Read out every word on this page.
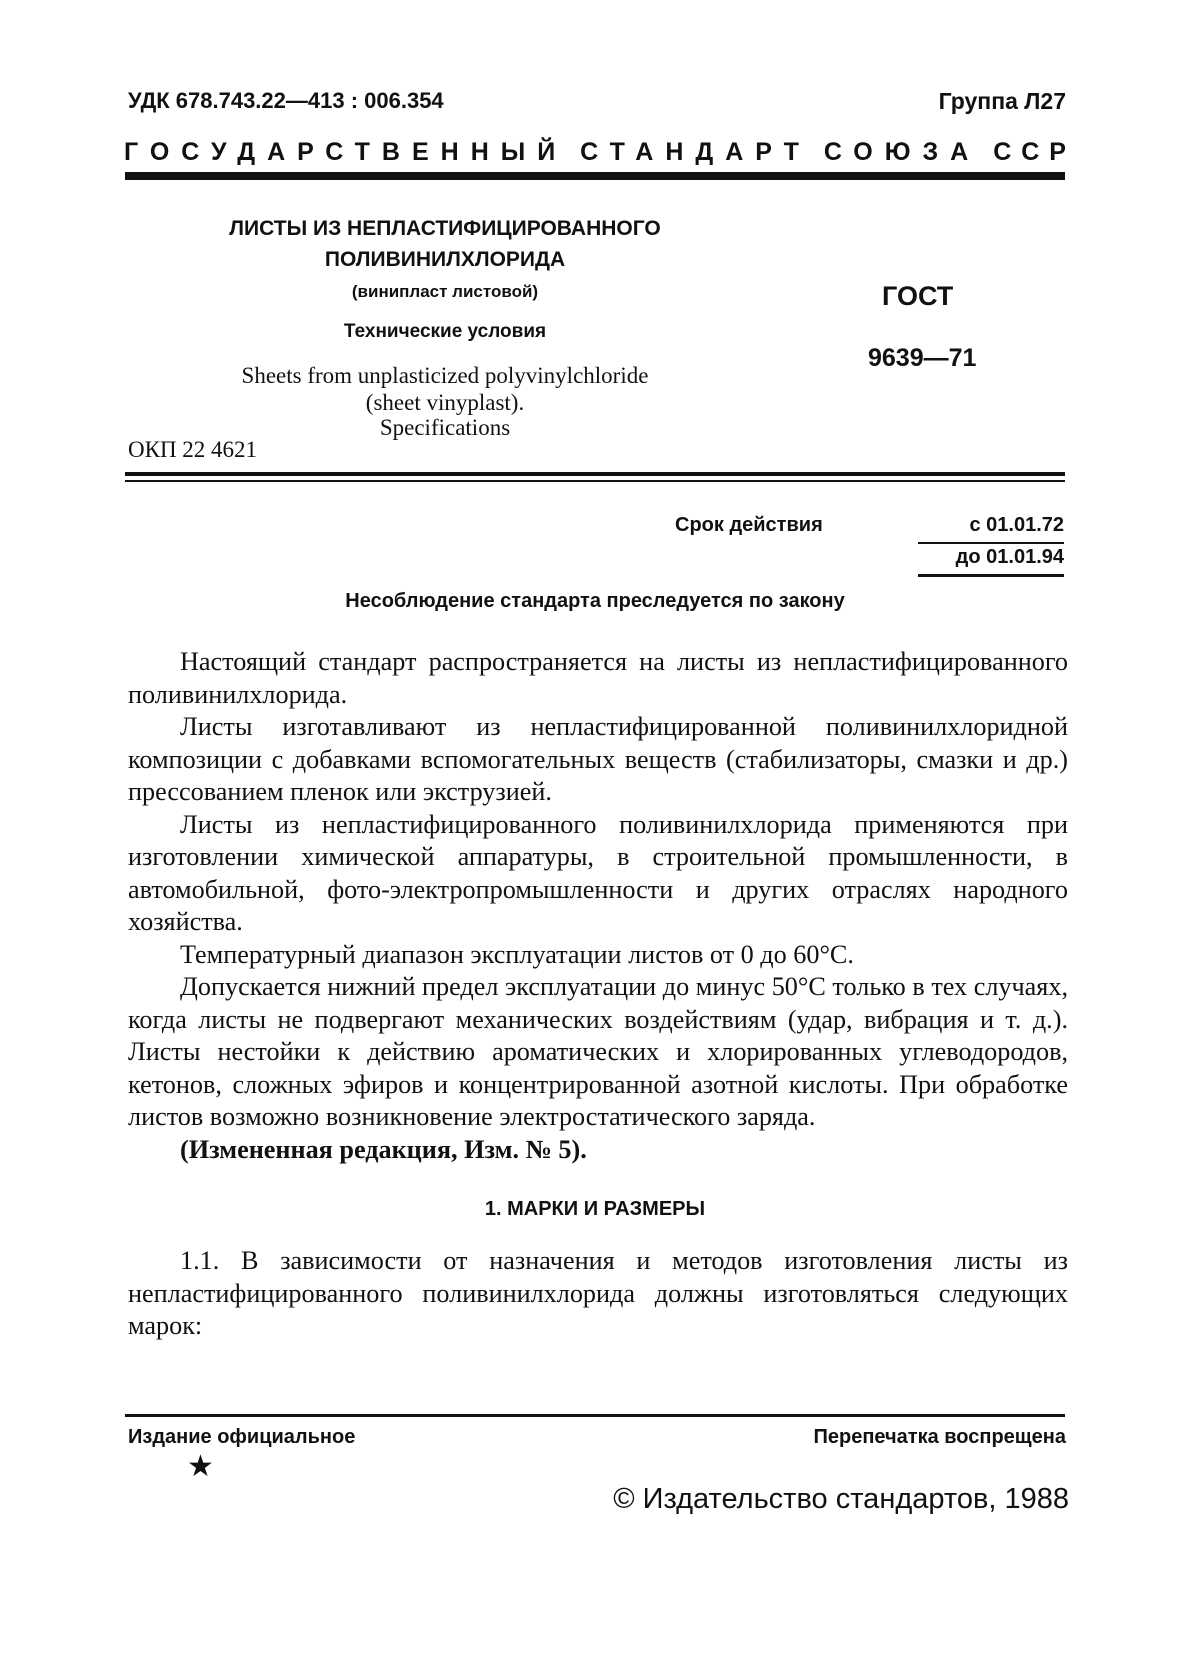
УДК 678.743.22—413 : 006.354	Группа Л27
ГОСУДАРСТВЕННЫЙ СТАНДАРТ СОЮЗА ССР
ЛИСТЫ ИЗ НЕПЛАСТИФИЦИРОВАННОГО
ПОЛИВИНИЛХЛОРИДА
(винипласт листовой)
Технические условия
Sheets from unplasticized polyvinylchloride
(sheet vinyplast).
Specifications
ОКП 22 4621
ГОСТ
9639—71
Срок действия	с 01.01.72
до 01.01.94
Несоблюдение стандарта преследуется по закону

Настоящий стандарт распространяется на листы из непластифицированного поливинилхлорида.

Листы изготавливают из непластифицированной поливинилхлоридной композиции с добавками вспомогательных веществ (стабилизаторы, смазки и др.) прессованием пленок или экструзией.

Листы из непластифицированного поливинилхлорида применяются при изготовлении химической аппаратуры, в строительной промышленности, в автомобильной, фото-электропромышленности и других отраслях народного хозяйства.

Температурный диапазон эксплуатации листов от 0 до 60°С.

Допускается нижний предел эксплуатации до минус 50°С только в тех случаях, когда листы не подвергают механических воздействиям (удар, вибрация и т. д.). Листы нестойки к действию ароматических и хлорированных углеводородов, кетонов, сложных эфиров и концентрированной азотной кислоты. При обработке листов возможно возникновение электростатического заряда.

(Измененная редакция, Изм. № 5).

1. МАРКИ И РАЗМЕРЫ

1.1. В зависимости от назначения и методов изготовления листы из непластифицированного поливинилхлорида должны изготовляться следующих марок:

Издание официальное
★
Перепечатка воспрещена
© Издательство стандартов, 1988
